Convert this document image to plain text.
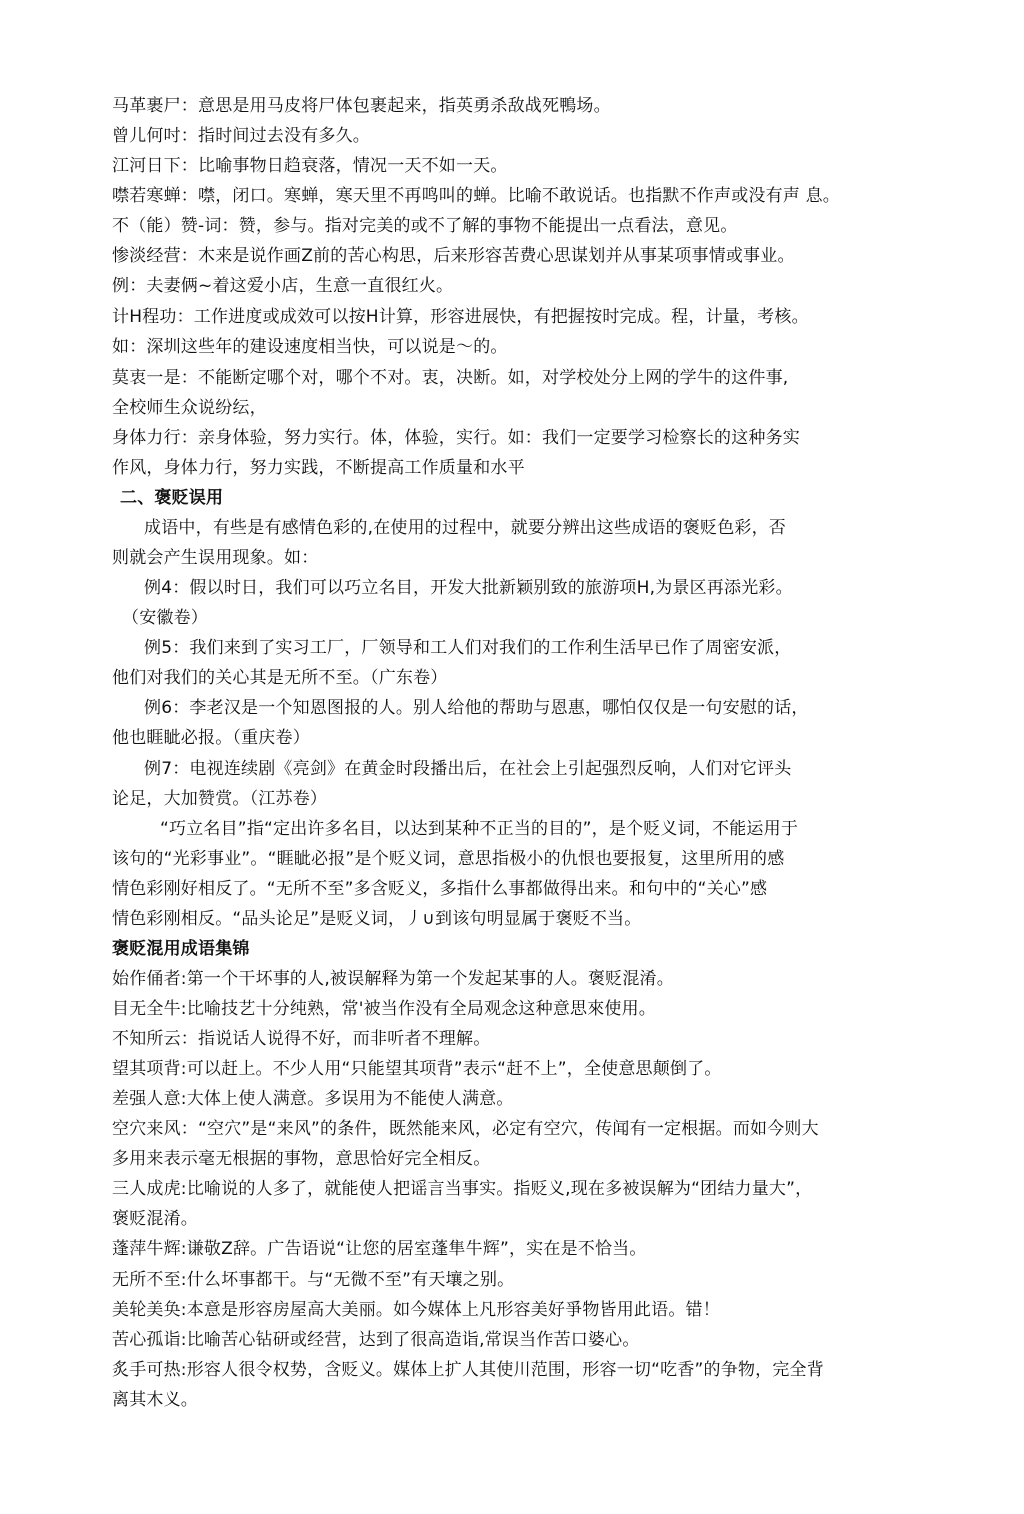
马革裹尸：意思是用马皮将尸体包裹起来，指英勇杀敌战死鴨场。
曾儿何吋：指时间过去没有多久。
江河日下：比喻事物日趋衰落，情况一天不如一天。
噤若寒蝉：噤，闭口。寒蝉，寒天里不再鸣叫的蝉。比喻不敢说话。也指默不作声或没有声 息。
不（能）赞-词：赞，参与。指对完美的或不了解的事物不能提出一点看法，意见。
惨淡经营：木来是说作画Z前的苦心构思，后来形容苦费心思谋划并从事某项事情或事业。
例：夫妻俩~着这爱小店，生意一直很红火。
计H程功：工作进度或成效可以按H计算，形容进展快，有把握按时完成。程，计量，考核。
如：深圳这些年的建设速度相当快，可以说是～的。
莫衷一是：不能断定哪个对，哪个不对。衷，决断。如，对学校处分上网的学牛的这件事,
全校师生众说纷纭，
身体力行：亲身体验，努力实行。体，体验，实行。如：我们一定要学习检察长的这种务实
作风，身体力行，努力实践，不断提高工作质量和水平
二、褒贬误用
成语中，有些是有感情色彩的,在使用的过程中，就要分辨出这些成语的褒贬色彩，否
则就会产生误用现象。如：
例4：假以时日，我们可以巧立名目，开发大批新颖别致的旅游项H,为景区再添光彩。
（安徽卷）
例5：我们来到了实习工厂，厂领导和工人们对我们的工作利生活早已作了周密安派，
他们对我们的关心其是无所不至。（广东卷）
例6：李老汉是一个知恩图报的人。别人给他的帮助与恩惠，哪怕仅仅是一句安慰的话，
他也睚眦必报。（重庆卷）
例7：电视连续剧《亮剑》在黄金时段播出后，在社会上引起强烈反响，人们对它评头
论足，大加赞赏。（江苏卷）
“巧立名目”指“定出许多名目，以达到某种不正当的目的”，是个贬义词，不能运用于
该句的“光彩事业”。“睚眦必报”是个贬义词，意思指极小的仇恨也要报复，这里所用的感
情色彩刚好相反了。“无所不至”多含贬义，多指什么事都做得出来。和句中的“关心”感
情色彩刚相反。“品头论足”是贬义词，丿∪到该句明显属于褒贬不当。
褒贬混用成语集锦
始作俑者:第一个干坏事的人,被误解释为第一个发起某事的人。褒贬混淆。
目无全牛:比喻技艺十分纯熟，常'被当作没有全局观念这种意思來使用。
不知所云：指说话人说得不好，而非听者不理解。
望其项背:可以赶上。不少人用“只能望其项背”表示“赶不上”，全使意思颠倒了。
差强人意:大体上使人满意。多误用为不能使人满意。
空穴来风：“空穴”是“来风”的条件，既然能来风，必定有空穴，传闻有一定根据。而如今则大
多用来表示毫无根据的事物，意思恰好完全相反。
三人成虎:比喻说的人多了，就能使人把谣言当事实。指贬义,现在多被误解为“团结力量大”，
褒贬混淆。
蓬萍牛辉:谦敬Z辞。广告语说“让您的居室蓬隼牛辉”，实在是不恰当。
无所不至:什么坏事都干。与“无微不至”有天壤之别。
美轮美奂:本意是形容房屋高大美丽。如今媒体上凡形容美好爭物皆用此语。错！
苦心孤诣:比喻苦心钻研或经营，达到了很高造诣,常误当作苦口婆心。
炙手可热:形容人很令权势，含贬义。媒体上扩人其使川范围，形容一切“吃香”的争物，完全背
离其木义。
